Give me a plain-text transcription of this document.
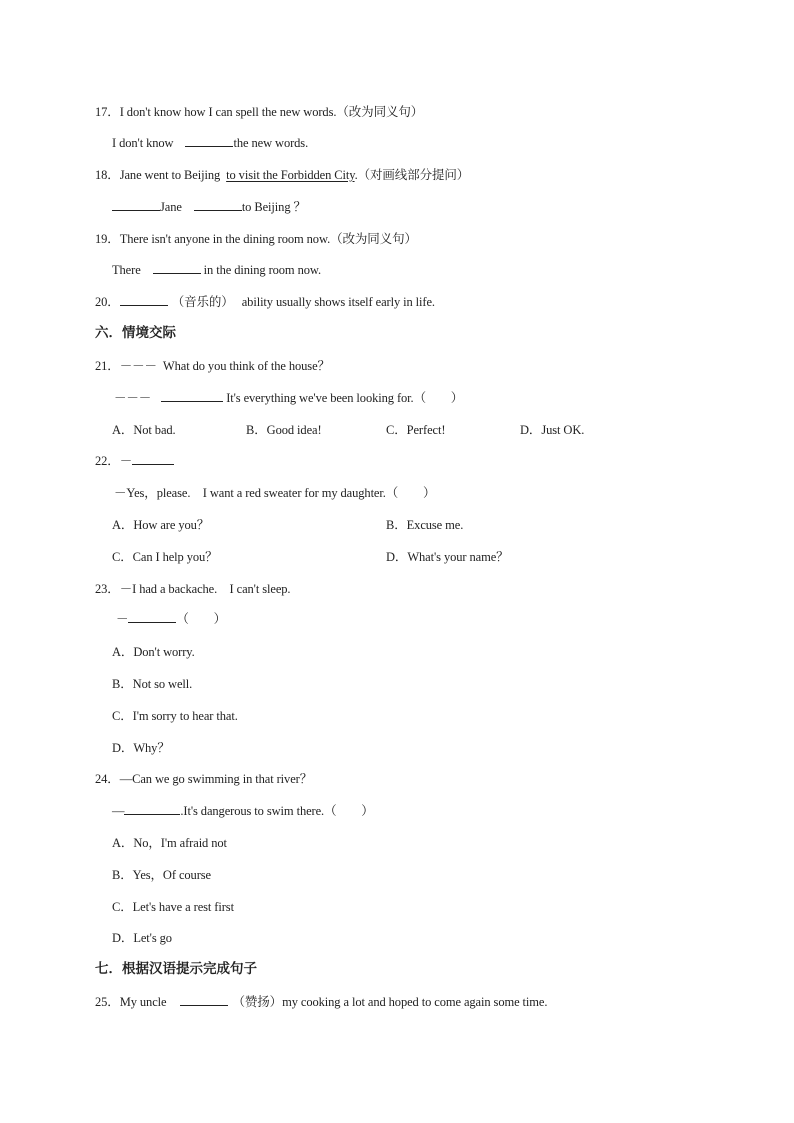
17．I don't know how I can spell the new words.（改为同义句）
I don't know	the new words.
18．Jane went to Beijing to visit the Forbidden City.（对画线部分提问）
Jane	to Beijing ？
19．There isn't anyone in the dining room now.（改为同义句）
There	in the dining room now.
20．	（音乐的） ability usually shows itself early in life.
六．情境交际
21．－－－ What do you think of the house？
－－－	It's everything we've been looking for.（　　）
A．Not bad.	B．Good idea!	C．Perfect!	D．Just OK.
22．－
－Yes，please.　I want a red sweater for my daughter.（　　）
A．How are you？	B．Excuse me.
C．Can I help you？	D．What's your name？
23．－I had a backache.　I can't sleep.
－	（　　）
A．Don't worry.
B．Not so well.
C．I'm sorry to hear that.
D．Why？
24．—Can we go swimming in that river？
—	.It's dangerous to swim there.（　　）
A．No，I'm afraid not
B．Yes，Of course
C．Let's have a rest first
D．Let's go
七．根据汉语提示完成句子
25．My uncle	（赞扬）my cooking a lot and hoped to come again some time.
